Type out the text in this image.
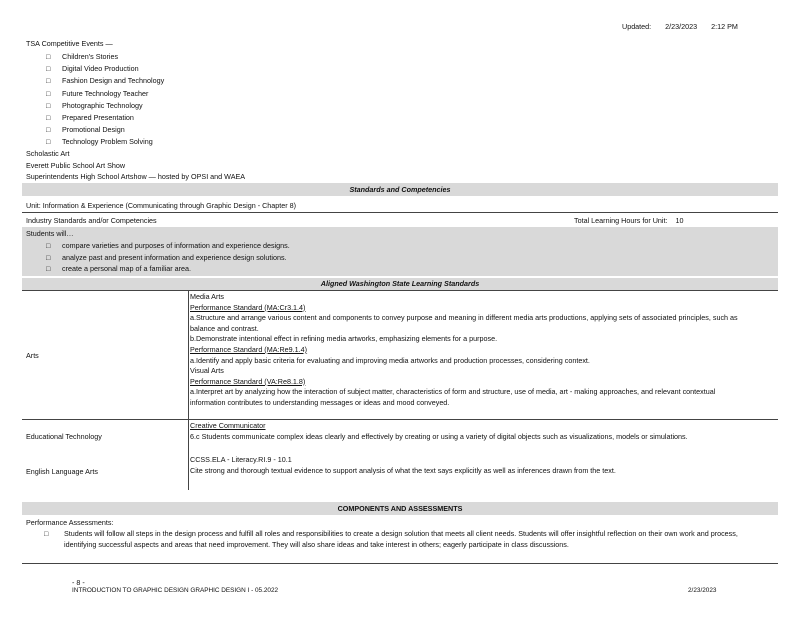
Updated: 2/23/2023 2:12 PM
TSA Competitive Events —
□ Children's Stories
□ Digital Video Production
□ Fashion Design and Technology
□ Future Technology Teacher
□ Photographic Technology
□ Prepared Presentation
□ Promotional Design
□ Technology Problem Solving
Scholastic Art
Everett Public School Art Show
Superintendents High School Artshow — hosted by OPSI and WAEA
Standards and Competencies
Unit: Information & Experience (Communicating through Graphic Design - Chapter 8)
Industry Standards and/or Competencies	Total Learning Hours for Unit: 10
Students will…
□ compare varieties and purposes of information and experience designs.
□ analyze past and present information and experience design solutions.
□ create a personal map of a familiar area.
Aligned Washington State Learning Standards
Arts
Media Arts
Performance Standard (MA:Cr3.1.4)
a.Structure and arrange various content and components to convey purpose and meaning in different media arts productions, applying sets of associated principles, such as balance and contrast.
b.Demonstrate intentional effect in refining media artworks, emphasizing elements for a purpose.
Performance Standard (MA:Re9.1.4)
a.Identify and apply basic criteria for evaluating and improving media artworks and production processes, considering context.
Visual Arts
Performance Standard (VA:Re8.1.8)
a.Interpret art by analyzing how the interaction of subject matter, characteristics of form and structure, use of media, art - making approaches, and relevant contextual information contributes to understanding messages or ideas and mood conveyed.
Educational Technology
Creative Communicator
6.c Students communicate complex ideas clearly and effectively by creating or using a variety of digital objects such as visualizations, models or simulations.
English Language Arts
CCSS.ELA - Literacy.RI.9 - 10.1
Cite strong and thorough textual evidence to support analysis of what the text says explicitly as well as inferences drawn from the text.
COMPONENTS AND ASSESSMENTS
Performance Assessments:
□ Students will follow all steps in the design process and fulfill all roles and responsibilities to create a design solution that meets all client needs. Students will offer insightful reflection on their own work and process, identifying successful aspects and areas that need improvement. They will also share ideas and take interest in others; eagerly participate in class discussions.
- 8 -
INTRODUCTION TO GRAPHIC DESIGN GRAPHIC DESIGN I - 05.2022	2/23/2023
